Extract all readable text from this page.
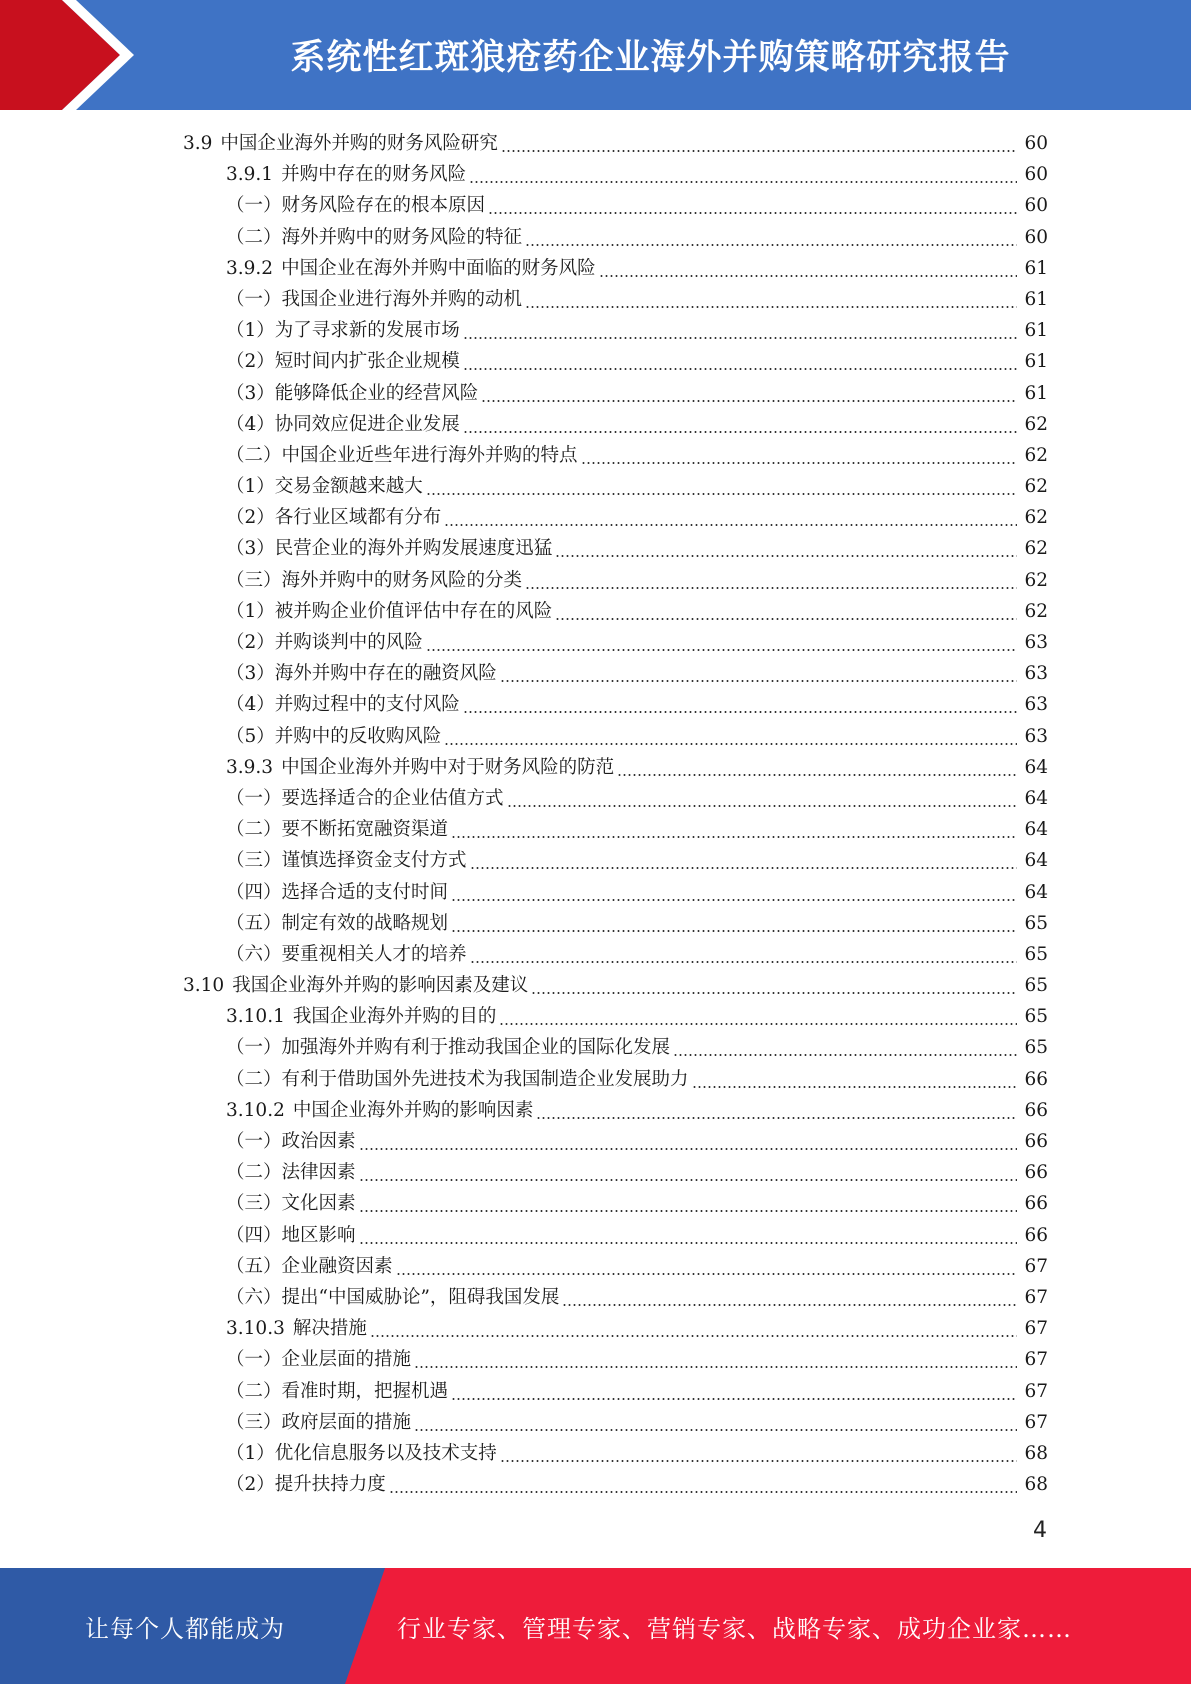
系统性红斑狼疮药企业海外并购策略研究报告
3.9 中国企业海外并购的财务风险研究	60
3.9.1 并购中存在的财务风险	60
（一）财务风险存在的根本原因	60
（二）海外并购中的财务风险的特征	60
3.9.2 中国企业在海外并购中面临的财务风险	61
（一）我国企业进行海外并购的动机	61
（1）为了寻求新的发展市场	61
（2）短时间内扩张企业规模	61
（3）能够降低企业的经营风险	61
（4）协同效应促进企业发展	62
（二）中国企业近些年进行海外并购的特点	62
（1）交易金额越来越大	62
（2）各行业区域都有分布	62
（3）民营企业的海外并购发展速度迅猛	62
（三）海外并购中的财务风险的分类	62
（1）被并购企业价值评估中存在的风险	62
（2）并购谈判中的风险	63
（3）海外并购中存在的融资风险	63
（4）并购过程中的支付风险	63
（5）并购中的反收购风险	63
3.9.3 中国企业海外并购中对于财务风险的防范	64
（一）要选择适合的企业估值方式	64
（二）要不断拓宽融资渠道	64
（三）谨慎选择资金支付方式	64
（四）选择合适的支付时间	64
（五）制定有效的战略规划	65
（六）要重视相关人才的培养	65
3.10 我国企业海外并购的影响因素及建议	65
3.10.1 我国企业海外并购的目的	65
（一）加强海外并购有利于推动我国企业的国际化发展	65
（二）有利于借助国外先进技术为我国制造企业发展助力	66
3.10.2 中国企业海外并购的影响因素	66
（一）政治因素	66
（二）法律因素	66
（三）文化因素	66
（四）地区影响	66
（五）企业融资因素	67
（六）提出“中国威胁论”，阻碍我国发展	67
3.10.3 解决措施	67
（一）企业层面的措施	67
（二）看准时期，把握机遇	67
（三）政府层面的措施	67
（1）优化信息服务以及技术支持	68
（2）提升扶持力度	68
4
让每个人都能成为	行业专家、管理专家、营销专家、战略专家、成功企业家……
